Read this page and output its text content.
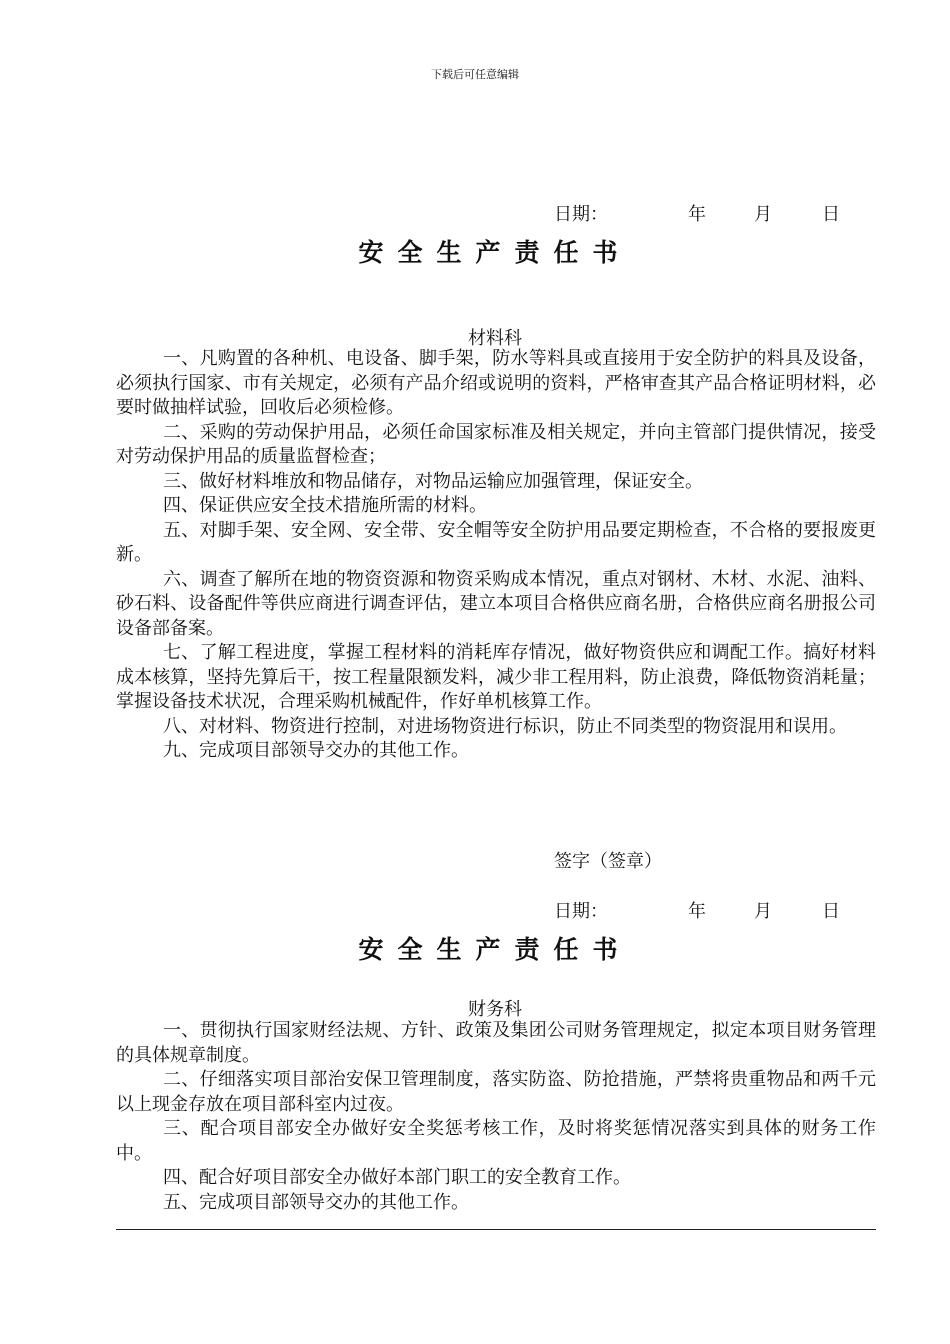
下载后可任意编辑
日期：	年	月	日
安全生产责任书
材料科

一、凡购置的各种机、电设备、脚手架，防水等料具或直接用于安全防护的料具及设备，必须执行国家、市有关规定，必须有产品介绍或说明的资料，严格审查其产品合格证明材料，必要时做抽样试验，回收后必须检修。

二、采购的劳动保护用品，必须任命国家标准及相关规定，并向主管部门提供情况，接受对劳动保护用品的质量监督检查；

三、做好材料堆放和物品储存，对物品运输应加强管理，保证安全。

四、保证供应安全技术措施所需的材料。

五、对脚手架、安全网、安全带、安全帽等安全防护用品要定期检查，不合格的要报废更新。

六、调查了解所在地的物资资源和物资采购成本情况，重点对钢材、木材、水泥、油料、砂石料、设备配件等供应商进行调查评估，建立本项目合格供应商名册，合格供应商名册报公司设备部备案。

七、了解工程进度，掌握工程材料的消耗库存情况，做好物资供应和调配工作。搞好材料成本核算，坚持先算后干，按工程量限额发料，减少非工程用料，防止浪费，降低物资消耗量；掌握设备技术状况，合理采购机械配件，作好单机核算工作。

八、对材料、物资进行控制，对进场物资进行标识，防止不同类型的物资混用和误用。

九、完成项目部领导交办的其他工作。

签字（签章）
日期：	年	月	日
安全生产责任书
财务科

一、贯彻执行国家财经法规、方针、政策及集团公司财务管理规定，拟定本项目财务管理的具体规章制度。

二、仔细落实项目部治安保卫管理制度，落实防盗、防抢措施，严禁将贵重物品和两千元以上现金存放在项目部科室内过夜。

三、配合项目部安全办做好安全奖惩考核工作，及时将奖惩情况落实到具体的财务工作中。

四、配合好项目部安全办做好本部门职工的安全教育工作。

五、完成项目部领导交办的其他工作。
